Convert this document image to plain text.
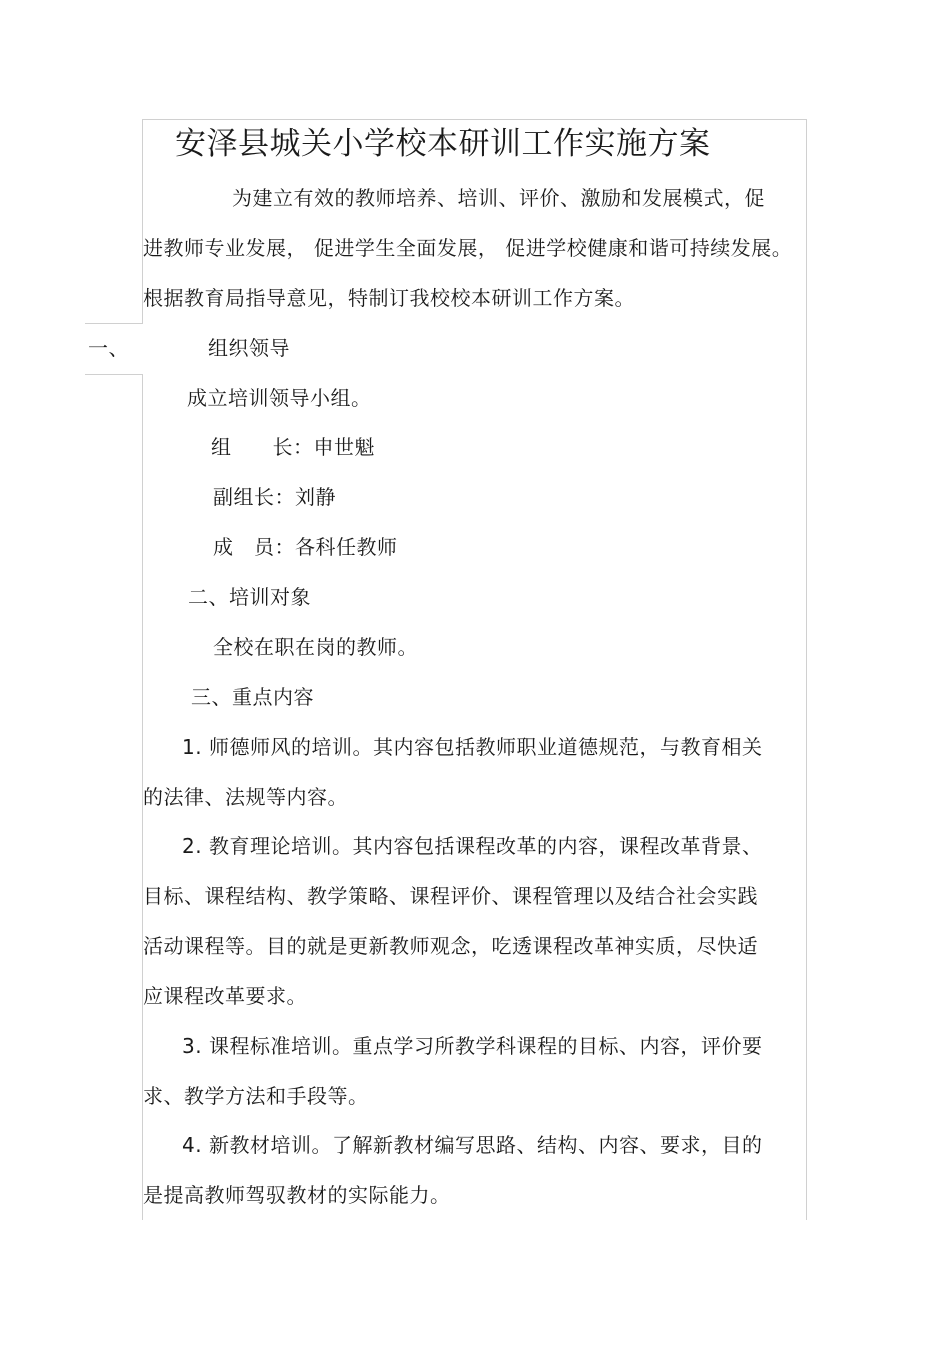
安泽县城关小学校本研训工作实施方案
为建立有效的教师培养、培训、评价、激励和发展模式，促
进教师专业发展， 促进学生全面发展， 促进学校健康和谐可持续发展。
根据教育局指导意见，特制订我校校本研训工作方案。
一、	组织领导
成立培训领导小组。
组　　长：申世魁
副组长：刘静
成　员：各科任教师
二、培训对象
全校在职在岗的教师。
三、重点内容
1. 师德师风的培训。其内容包括教师职业道德规范，与教育相关
的法律、法规等内容。
2. 教育理论培训。其内容包括课程改革的内容，课程改革背景、
目标、课程结构、教学策略、课程评价、课程管理以及结合社会实践
活动课程等。目的就是更新教师观念，吃透课程改革神实质，尽快适
应课程改革要求。
3. 课程标准培训。重点学习所教学科课程的目标、内容，评价要
求、教学方法和手段等。
4. 新教材培训。了解新教材编写思路、结构、内容、要求，目的
是提高教师驾驭教材的实际能力。
